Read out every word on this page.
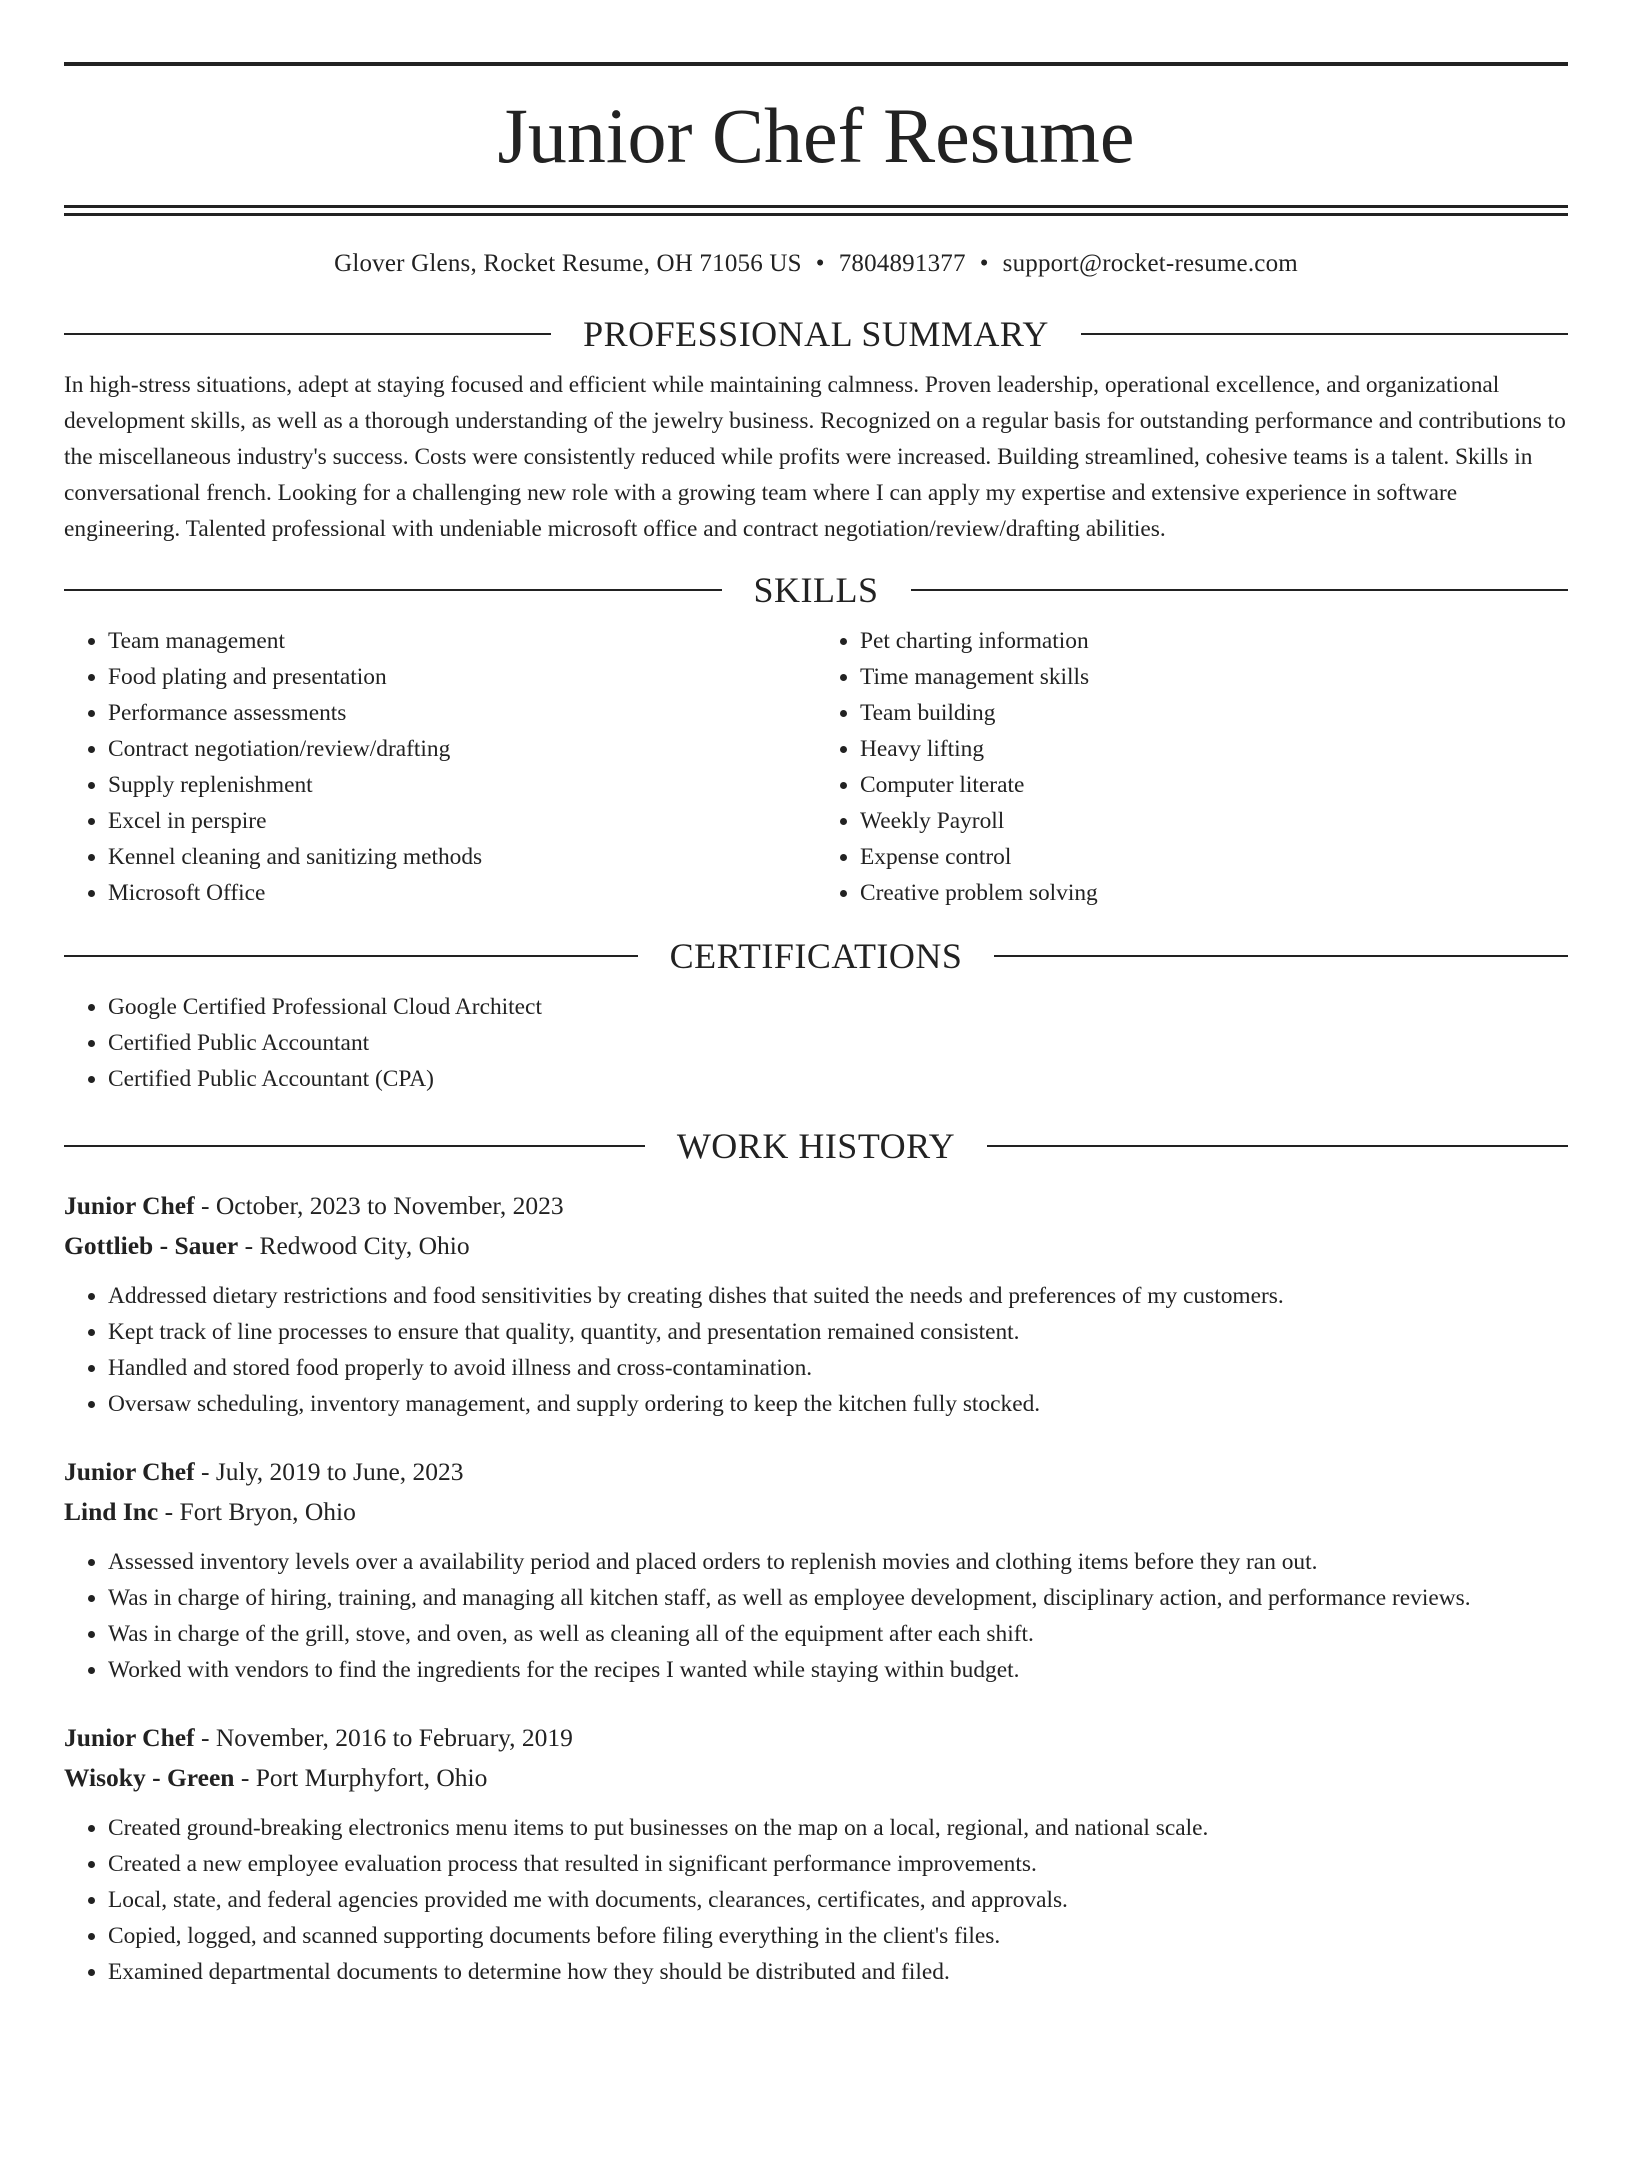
Junior Chef Resume
Glover Glens, Rocket Resume, OH 71056 US • 7804891377 • support@rocket-resume.com
PROFESSIONAL SUMMARY

In high-stress situations, adept at staying focused and efficient while maintaining calmness. Proven leadership, operational excellence, and organizational development skills, as well as a thorough understanding of the jewelry business. Recognized on a regular basis for outstanding performance and contributions to the miscellaneous industry's success. Costs were consistently reduced while profits were increased. Building streamlined, cohesive teams is a talent. Skills in conversational french. Looking for a challenging new role with a growing team where I can apply my expertise and extensive experience in software engineering. Talented professional with undeniable microsoft office and contract negotiation/review/drafting abilities.

SKILLS
• Team management
• Food plating and presentation
• Performance assessments
• Contract negotiation/review/drafting
• Supply replenishment
• Excel in perspire
• Kennel cleaning and sanitizing methods
• Microsoft Office
• Pet charting information
• Time management skills
• Team building
• Heavy lifting
• Computer literate
• Weekly Payroll
• Expense control
• Creative problem solving
CERTIFICATIONS
• Google Certified Professional Cloud Architect
• Certified Public Accountant
• Certified Public Accountant (CPA)
WORK HISTORY
Junior Chef - October, 2023 to November, 2023
Gottlieb - Sauer - Redwood City, Ohio
• Addressed dietary restrictions and food sensitivities by creating dishes that suited the needs and preferences of my customers.
• Kept track of line processes to ensure that quality, quantity, and presentation remained consistent.
• Handled and stored food properly to avoid illness and cross-contamination.
• Oversaw scheduling, inventory management, and supply ordering to keep the kitchen fully stocked.
Junior Chef - July, 2019 to June, 2023
Lind Inc - Fort Bryon, Ohio
• Assessed inventory levels over a availability period and placed orders to replenish movies and clothing items before they ran out.
• Was in charge of hiring, training, and managing all kitchen staff, as well as employee development, disciplinary action, and performance reviews.
• Was in charge of the grill, stove, and oven, as well as cleaning all of the equipment after each shift.
• Worked with vendors to find the ingredients for the recipes I wanted while staying within budget.
Junior Chef - November, 2016 to February, 2019
Wisoky - Green - Port Murphyfort, Ohio
• Created ground-breaking electronics menu items to put businesses on the map on a local, regional, and national scale.
• Created a new employee evaluation process that resulted in significant performance improvements.
• Local, state, and federal agencies provided me with documents, clearances, certificates, and approvals.
• Copied, logged, and scanned supporting documents before filing everything in the client's files.
• Examined departmental documents to determine how they should be distributed and filed.
